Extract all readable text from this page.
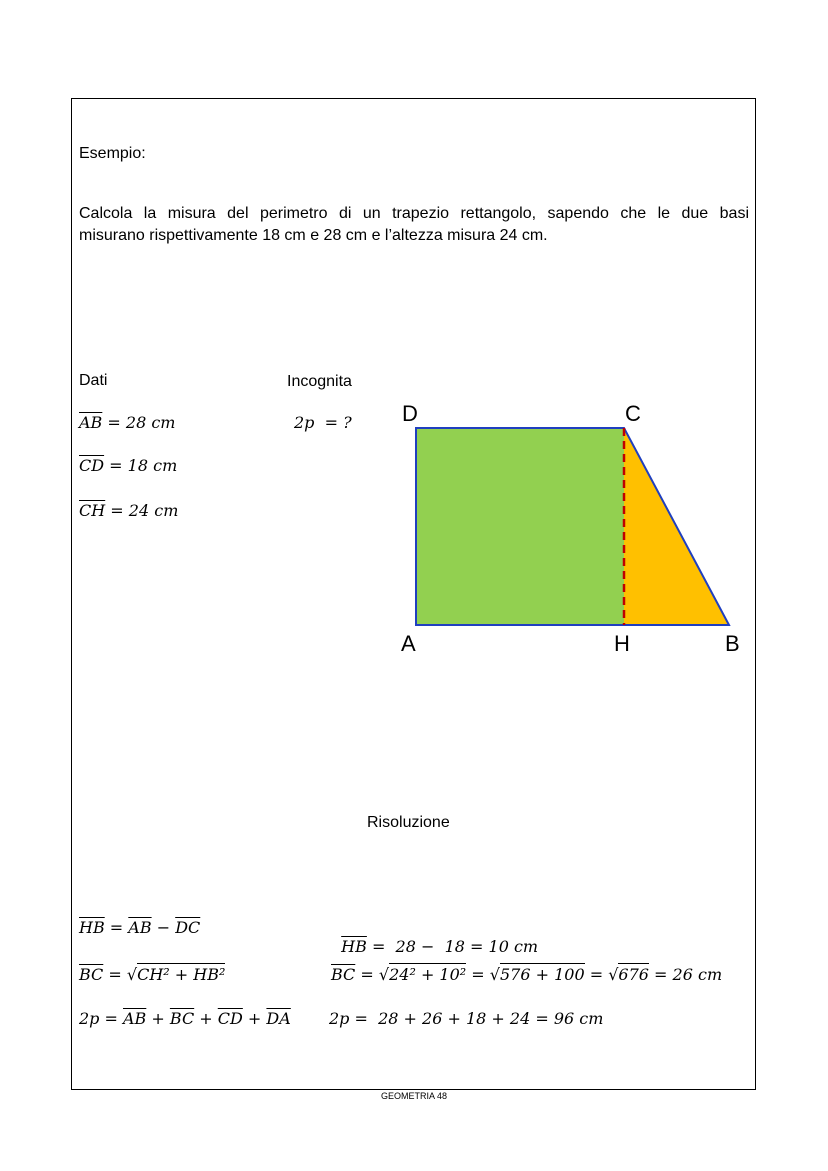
Esempio:
Calcola la misura del perimetro di un trapezio rettangolo, sapendo che le due basi
misurano rispettivamente 18 cm e 28 cm e l’altezza misura 24 cm.
Dati
$\overline{AB} = 28$ cm
$\overline{CD} = 18$ cm
$\overline{CH} = 24$ cm
Incognita
2p  = ? D	C
A	H	B
Risoluzione
$\overline{HB} = \overline{AB} - \overline{DC}$

$\overline{HB} = 28 - 18 = 10$ cm

$\overline{BC} = √CH^2 + HB^2$	$\overline{BC} = √24^2 + 10^2 = √576 + 100 = √676 = 26$ cm
$2p = \overline{AB} + \overline{BC} + \overline{CD} + \overline{DA}$ 2p =  28 + 26 + 18 + 24 = 96 cm
GEOMETRIA 48
